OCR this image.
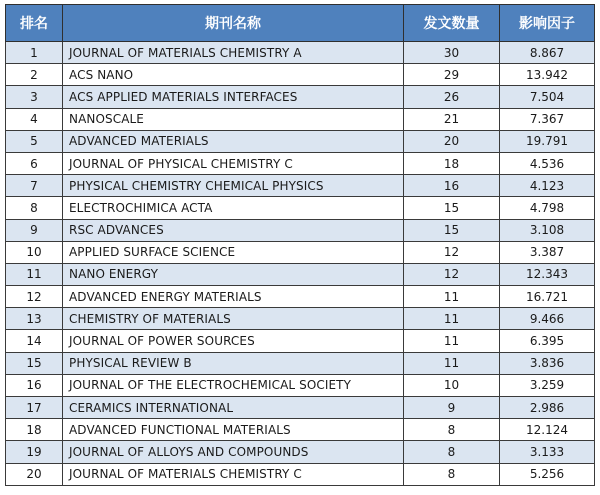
排名	期刊名称	发文数量	影响因子
1	JOURNAL OF MATERIALS CHEMISTRY A	30	8.867
2	ACS NANO	29	13.942
3	ACS APPLIED MATERIALS INTERFACES	26	7.504
4	NANOSCALE	21	7.367
5	ADVANCED MATERIALS	20	19.791
6	JOURNAL OF PHYSICAL CHEMISTRY C	18	4.536
7	PHYSICAL CHEMISTRY CHEMICAL PHYSICS	16	4.123
8	ELECTROCHIMICA ACTA	15	4.798
9	RSC ADVANCES	15	3.108
10	APPLIED SURFACE SCIENCE	12	3.387
11	NANO ENERGY	12	12.343
12	ADVANCED ENERGY MATERIALS	11	16.721
13	CHEMISTRY OF MATERIALS	11	9.466
14	JOURNAL OF POWER SOURCES	11	6.395
15	PHYSICAL REVIEW B	11	3.836
16	JOURNAL OF THE ELECTROCHEMICAL SOCIETY	10	3.259
17	CERAMICS INTERNATIONAL	9	2.986
18	ADVANCED FUNCTIONAL MATERIALS	8	12.124
19	JOURNAL OF ALLOYS AND COMPOUNDS	8	3.133
20	JOURNAL OF MATERIALS CHEMISTRY C	8	5.256
